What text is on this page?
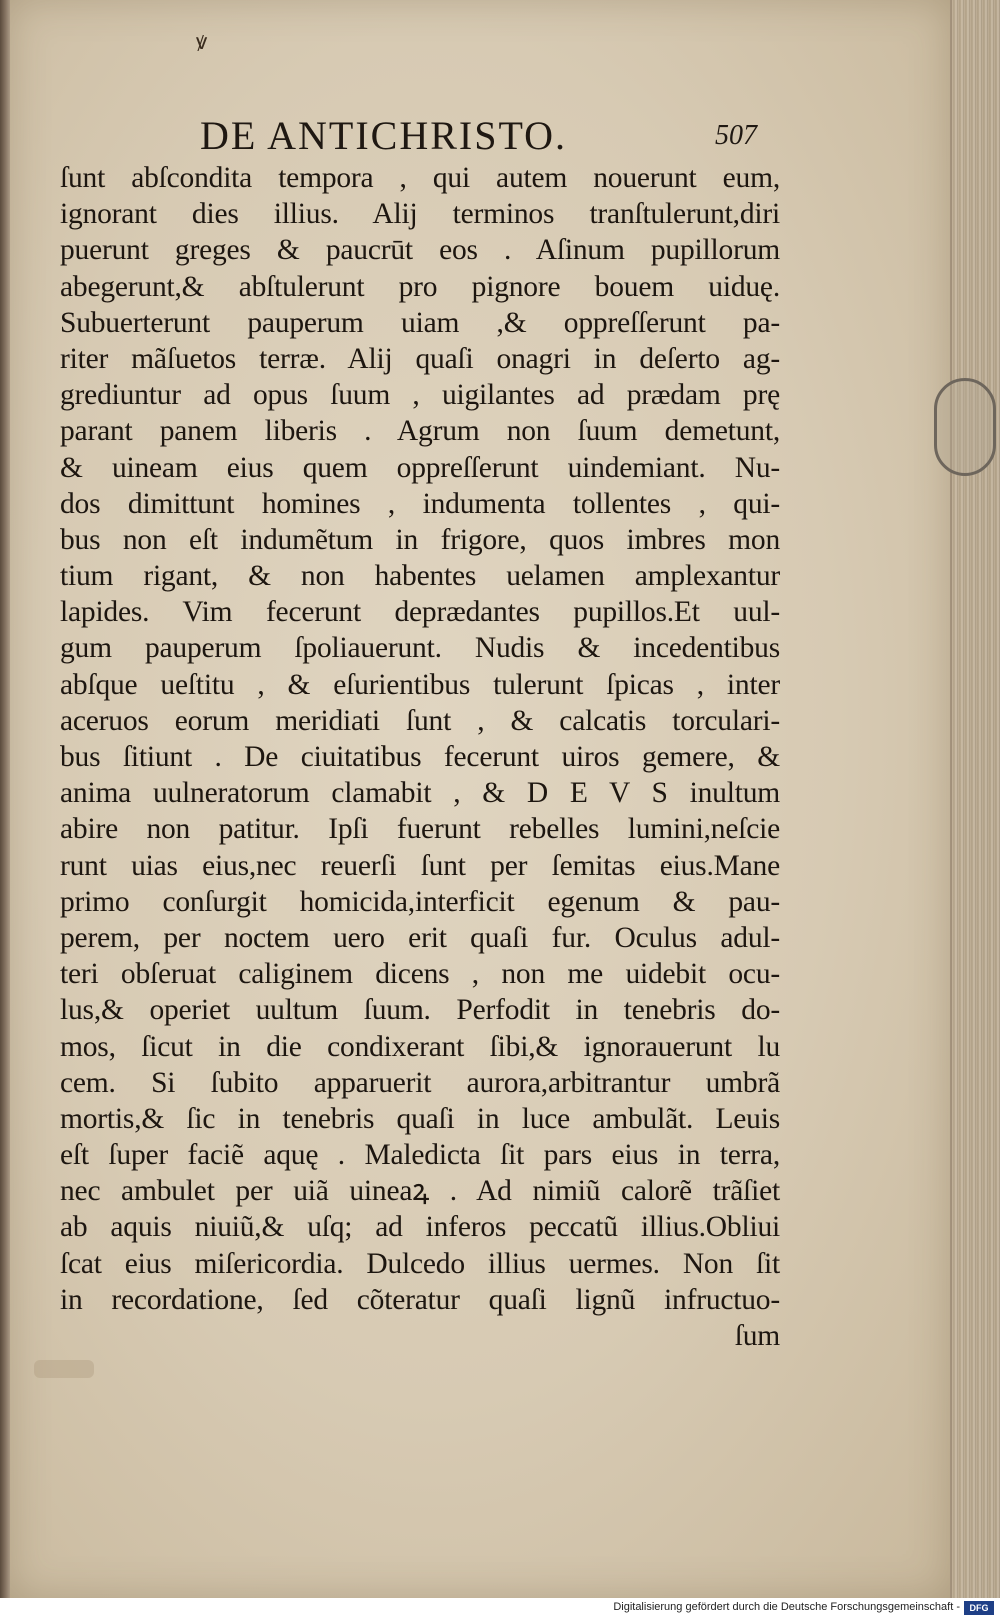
ꝟ
DE ANTICHRISTO.	507
ſunt abſcondita tempora , qui autem nouerunt eum,
ignorant dies illius. Alij terminos tranſtulerunt,diri
puerunt greges & paucrūt eos . Aſinum pupillorum
abegerunt,& abſtulerunt pro pignore bouem uiduę.
Subuerterunt pauperum uiam ,& oppreſſerunt pa-
riter mãſuetos terræ. Alij quaſi onagri in deſerto ag-
grediuntur ad opus ſuum , uigilantes ad prædam prę
parant panem liberis . Agrum non ſuum demetunt,
& uineam eius quem oppreſſerunt uindemiant. Nu-
dos dimittunt homines , indumenta tollentes , qui-
bus non eſt indumẽtum in frigore, quos imbres mon
tium rigant, & non habentes uelamen amplexantur
lapides. Vim fecerunt deprædantes pupillos.Et uul-
gum pauperum ſpoliauerunt. Nudis & incedentibus
abſque ueſtitu , & eſurientibus tulerunt ſpicas , inter
aceruos eorum meridiati ſunt , & calcatis torculari-
bus ſitiunt . De ciuitatibus fecerunt uiros gemere, &
anima uulneratorum clamabit , & D E V S inultum
abire non patitur. Ipſi fuerunt rebelles lumini,neſcie
runt uias eius,nec reuerſi ſunt per ſemitas eius.Mane
primo conſurgit homicida,interficit egenum & pau-
perem, per noctem uero erit quaſi fur. Oculus adul-
teri obſeruat caliginem dicens , non me uidebit ocu-
lus,& operiet uultum ſuum. Perfodit in tenebris do-
mos, ſicut in die condixerant ſibi,& ignorauerunt lu
cem. Si ſubito apparuerit aurora,arbitrantur umbrã
mortis,& ſic in tenebris quaſi in luce ambulãt. Leuis
eſt ſuper faciẽ aquę . Maledicta ſit pars eius in terra,
nec ambulet per uiã uineaꝝ . Ad nimiũ calorẽ trãſiet
ab aquis niuiũ,& uſq; ad inferos peccatũ illius.Obliui
ſcat eius miſericordia. Dulcedo illius uermes. Non ſit
in recordatione, ſed cõteratur quaſi lignũ infructuo-
ſum
Digitalisierung gefördert durch die Deutsche Forschungsgemeinschaft -	DFG
